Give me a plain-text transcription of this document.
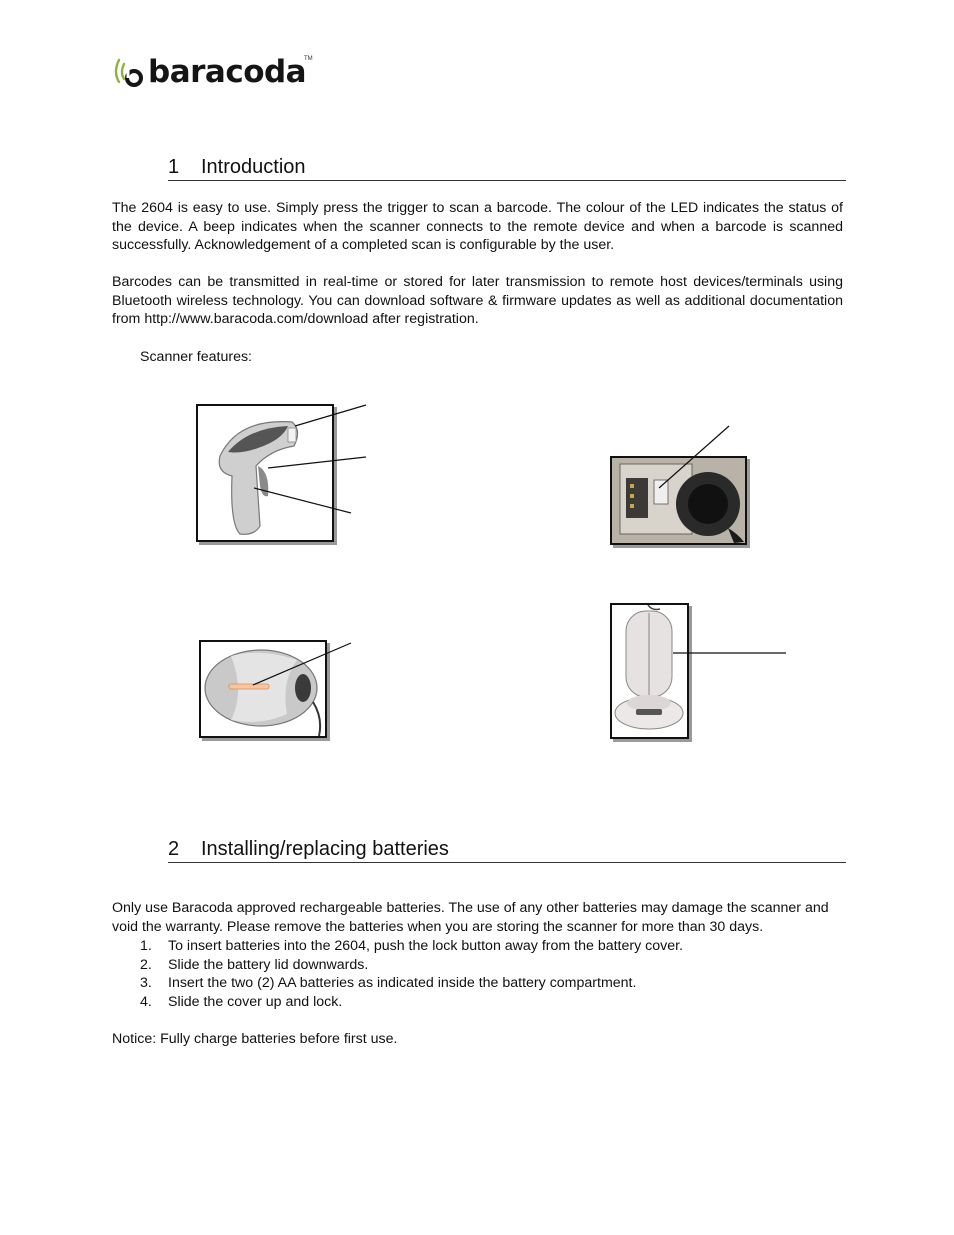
baracoda
TM
1 Introduction

The 2604 is easy to use. Simply press the trigger to scan a barcode. The colour of the LED indicates the status of the device. A beep indicates when the scanner connects to the remote device and when a barcode is scanned successfully. Acknowledgement of a completed scan is configurable by the user.

Barcodes can be transmitted in real-time or stored for later transmission to remote host devices/terminals using Bluetooth wireless technology. You can download software & firmware updates as well as additional documentation from http://www.baracoda.com/download after registration.

Scanner features:

2 Installing/replacing batteries

Only use Baracoda approved rechargeable batteries. The use of any other batteries may damage the scanner and void the warranty. Please remove the batteries when you are storing the scanner for more than 30 days.

1. To insert batteries into the 2604, push the lock button away from the battery cover.
2. Slide the battery lid downwards.
3. Insert the two (2) AA batteries as indicated inside the battery compartment.
4. Slide the cover up and lock.

Notice: Fully charge batteries before first use.
